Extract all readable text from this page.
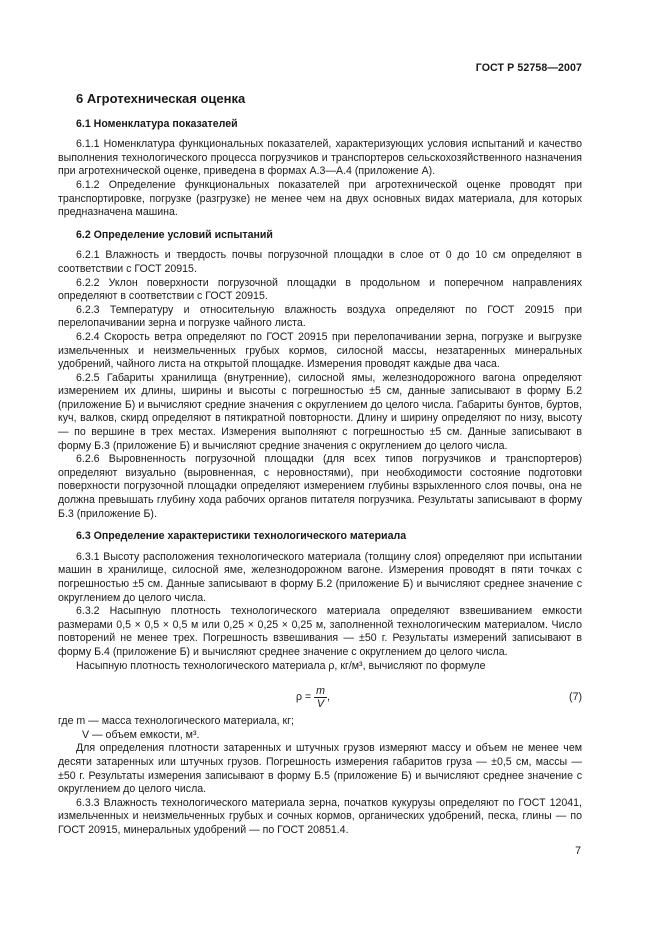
ГОСТ Р 52758—2007
6 Агротехническая оценка
6.1 Номенклатура показателей

6.1.1 Номенклатура функциональных показателей, характеризующих условия испытаний и качество выполнения технологического процесса погрузчиков и транспортеров сельскохозяйственного назначения при агротехнической оценке, приведена в формах А.3—А.4 (приложение А).

6.1.2 Определение функциональных показателей при агротехнической оценке проводят при транспортировке, погрузке (разгрузке) не менее чем на двух основных видах материала, для которых предназначена машина.

6.2 Определение условий испытаний

6.2.1 Влажность и твердость почвы погрузочной площадки в слое от 0 до 10 см определяют в соответствии с ГОСТ 20915.

6.2.2 Уклон поверхности погрузочной площадки в продольном и поперечном направлениях определяют в соответствии с ГОСТ 20915.

6.2.3 Температуру и относительную влажность воздуха определяют по ГОСТ 20915 при перелопачивании зерна и погрузке чайного листа.

6.2.4 Скорость ветра определяют по ГОСТ 20915 при перелопачивании зерна, погрузке и выгрузке измельченных и неизмельченных грубых кормов, силосной массы, незатаренных минеральных удобрений, чайного листа на открытой площадке. Измерения проводят каждые два часа.

6.2.5 Габариты хранилища (внутренние), силосной ямы, железнодорожного вагона определяют измерением их длины, ширины и высоты с погрешностью ±5 см, данные записывают в форму Б.2 (приложение Б) и вычисляют средние значения с округлением до целого числа. Габариты бунтов, буртов, куч, валков, скирд определяют в пятикратной повторности. Длину и ширину определяют по низу, высоту — по вершине в трех местах. Измерения выполняют с погрешностью ±5 см. Данные записывают в форму Б.3 (приложение Б) и вычисляют средние значения с округлением до целого числа.

6.2.6 Выровненность погрузочной площадки (для всех типов погрузчиков и транспортеров) определяют визуально (выровненная, с неровностями), при необходимости состояние подготовки поверхности погрузочной площадки определяют измерением глубины взрыхленного слоя почвы, она не должна превышать глубину хода рабочих органов питателя погрузчика. Результаты записывают в форму Б.3 (приложение Б).

6.3 Определение характеристики технологического материала

6.3.1 Высоту расположения технологического материала (толщину слоя) определяют при испытании машин в хранилище, силосной яме, железнодорожном вагоне. Измерения проводят в пяти точках с погрешностью ±5 см. Данные записывают в форму Б.2 (приложение Б) и вычисляют среднее значение с округлением до целого числа.

6.3.2 Насыпную плотность технологического материала определяют взвешиванием емкости размерами 0,5 × 0,5 × 0,5 м или 0,25 × 0,25 × 0,25 м, заполненной технологическим материалом. Число повторений не менее трех. Погрешность взвешивания — ±50 г. Результаты измерений записывают в форму Б.4 (приложение Б) и вычисляют среднее значение с округлением до целого числа.

Насыпную плотность технологического материала ρ, кг/м³, вычисляют по формуле

$\rho = \frac{m}{V}$ ,	(7)

где m — масса технологического материала, кг;

V — объем емкости, м³.

Для определения плотности затаренных и штучных грузов измеряют массу и объем не менее чем десяти затаренных или штучных грузов. Погрешность измерения габаритов груза — ±0,5 см, массы — ±50 г. Результаты измерения записывают в форму Б.5 (приложение Б) и вычисляют среднее значение с округлением до целого числа.

6.3.3 Влажность технологического материала зерна, початков кукурузы определяют по ГОСТ 12041, измельченных и неизмельченных грубых и сочных кормов, органических удобрений, песка, глины — по ГОСТ 20915, минеральных удобрений — по ГОСТ 20851.4.

7
